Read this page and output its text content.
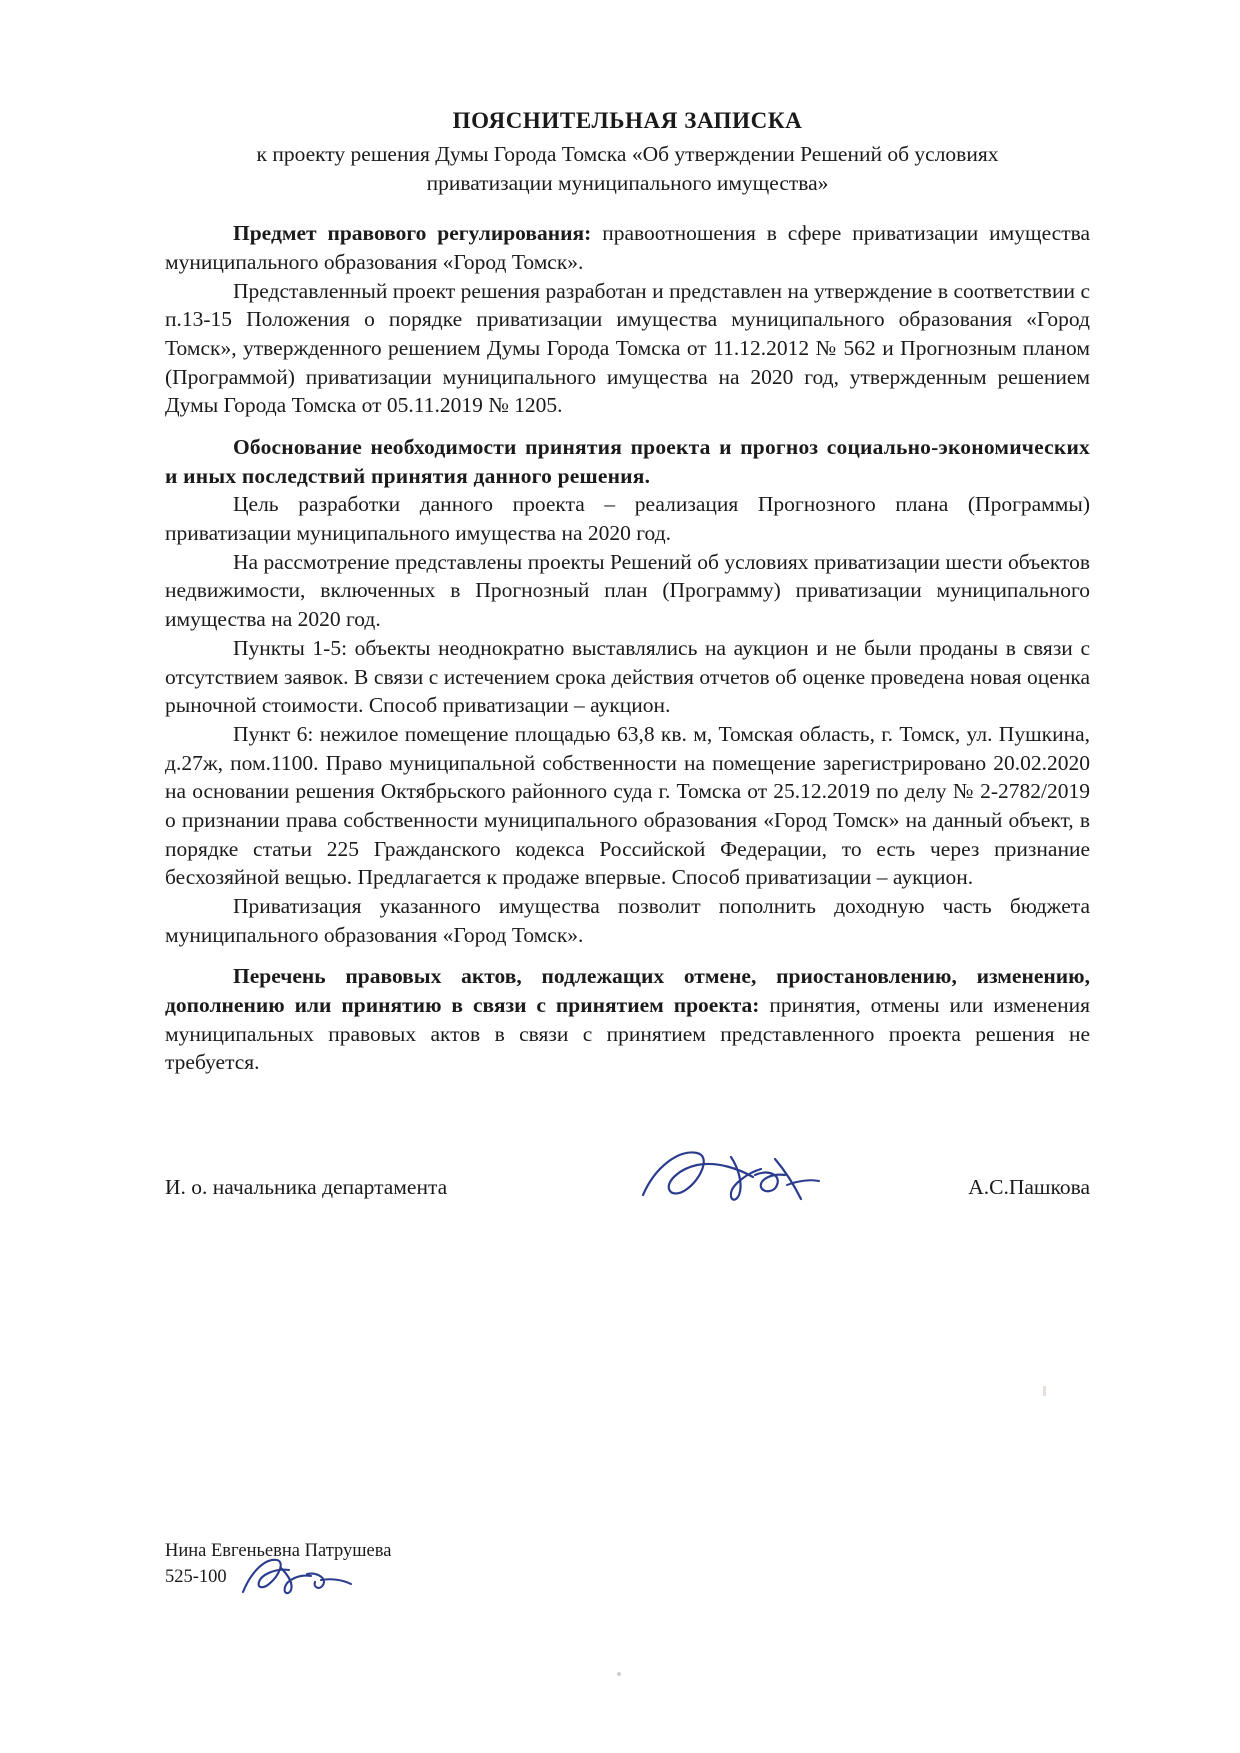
ПОЯСНИТЕЛЬНАЯ ЗАПИСКА
к проекту решения Думы Города Томска «Об утверждении Решений об условиях приватизации муниципального имущества»

Предмет правового регулирования: правоотношения в сфере приватизации имущества муниципального образования «Город Томск».

Представленный проект решения разработан и представлен на утверждение в соответствии с п.13-15 Положения о порядке приватизации имущества муниципального образования «Город Томск», утвержденного решением Думы Города Томска от 11.12.2012 № 562 и Прогнозным планом (Программой) приватизации муниципального имущества на 2020 год, утвержденным решением Думы Города Томска от 05.11.2019 № 1205.

Обоснование необходимости принятия проекта и прогноз социально-экономических и иных последствий принятия данного решения.

Цель разработки данного проекта – реализация Прогнозного плана (Программы) приватизации муниципального имущества на 2020 год.

На рассмотрение представлены проекты Решений об условиях приватизации шести объектов недвижимости, включенных в Прогнозный план (Программу) приватизации муниципального имущества на 2020 год.

Пункты 1-5: объекты неоднократно выставлялись на аукцион и не были проданы в связи с отсутствием заявок. В связи с истечением срока действия отчетов об оценке проведена новая оценка рыночной стоимости. Способ приватизации – аукцион.

Пункт 6: нежилое помещение площадью 63,8 кв. м, Томская область, г. Томск, ул. Пушкина, д.27ж, пом.1100. Право муниципальной собственности на помещение зарегистрировано 20.02.2020 на основании решения Октябрьского районного суда г. Томска от 25.12.2019 по делу № 2-2782/2019 о признании права собственности муниципального образования «Город Томск» на данный объект, в порядке статьи 225 Гражданского кодекса Российской Федерации, то есть через признание бесхозяйной вещью. Предлагается к продаже впервые. Способ приватизации – аукцион.

Приватизация указанного имущества позволит пополнить доходную часть бюджета муниципального образования «Город Томск».

Перечень правовых актов, подлежащих отмене, приостановлению, изменению, дополнению или принятию в связи с принятием проекта: принятия, отмены или изменения муниципальных правовых актов в связи с принятием представленного проекта решения не требуется.

И. о. начальника департамента	А.С.Пашкова
Нина Евгеньевна Патрушева
525-100
